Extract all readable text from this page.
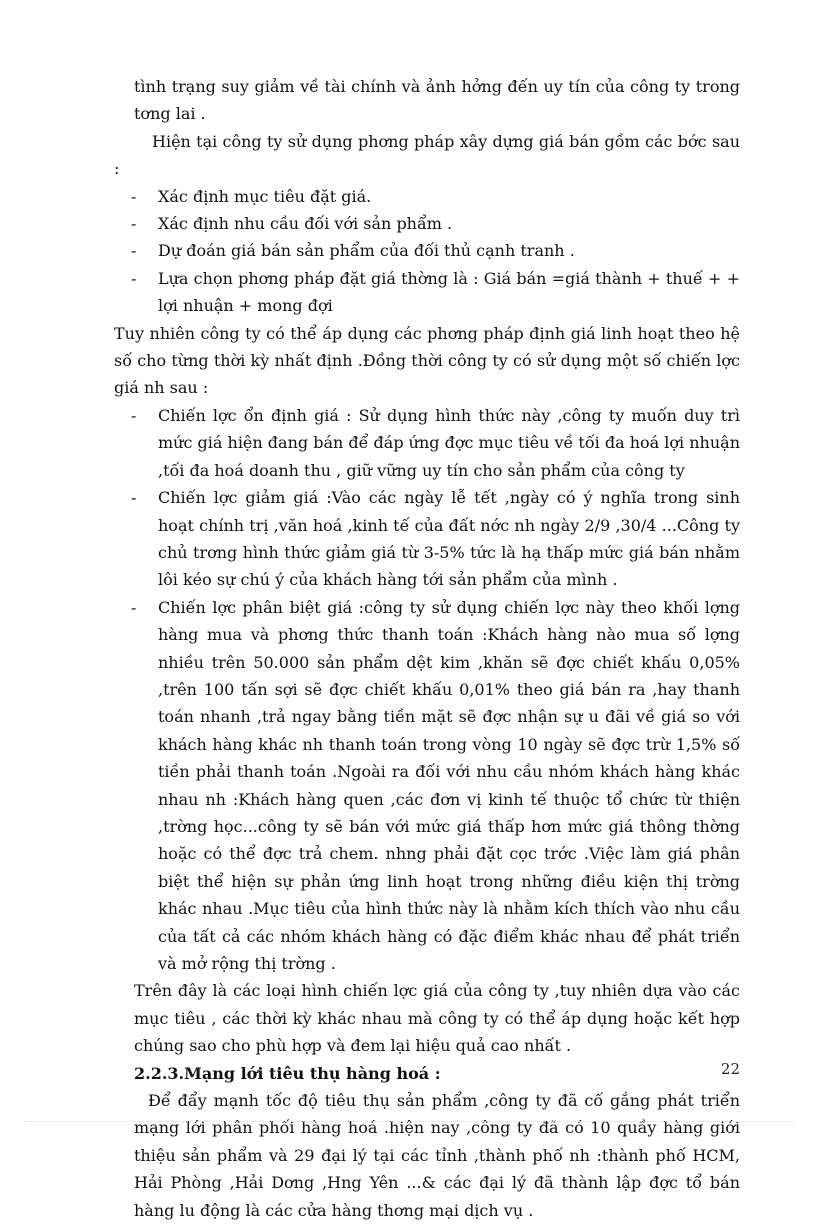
tình trạng suy giảm về tài chính và ảnh hởng đến uy tín của công ty trong tơng lai .

Hiện tại công ty sử dụng phơng pháp xây dựng giá bán gồm các bớc sau :

- Xác định mục tiêu đặt giá.
- Xác định nhu cầu đối với sản phẩm .
- Dự đoán giá bán sản phẩm của đối thủ cạnh tranh .
- Lựa chọn phơng pháp đặt giá thờng là : Giá bán =giá thành + thuế + + lợi nhuận + mong đợi

Tuy nhiên công ty có thể áp dụng các phơng pháp định giá linh hoạt theo hệ số cho từng thời kỳ nhất định .Đồng thời công ty có sử dụng một số chiến lợc giá nh sau :

- Chiến lợc ổn định giá : Sử dụng hình thức này ,công ty muốn duy trì mức giá hiện đang bán để đáp ứng đợc mục tiêu về tối đa hoá lợi nhuận ,tối đa hoá doanh thu , giữ vững uy tín cho sản phẩm của công ty
- Chiến lợc giảm giá :Vào các ngày lễ tết ,ngày có ý nghĩa trong sinh hoạt chính trị ,văn hoá ,kinh tế của đất nớc nh ngày 2/9 ,30/4 ...Công ty chủ trơng hình thức giảm giá từ 3-5% tức là hạ thấp mức giá bán nhằm lôi kéo sự chú ý của khách hàng tới sản phẩm của mình .
- Chiến lợc phân biệt giá :công ty sử dụng chiến lợc này theo khối lợng hàng mua và phơng thức thanh toán :Khách hàng nào mua số lợng nhiều trên 50.000 sản phẩm dệt kim ,khăn sẽ đợc chiết khấu 0,05% ,trên 100 tấn sợi sẽ đợc chiết khấu 0,01% theo giá bán ra ,hay thanh toán nhanh ,trả ngay bằng tiền mặt sẽ đợc nhận sự u đãi về giá so với khách hàng khác nh thanh toán trong vòng 10 ngày sẽ đợc trừ 1,5% số tiền phải thanh toán .Ngoài ra đối với nhu cầu nhóm khách hàng khác nhau nh :Khách hàng quen ,các đơn vị kinh tế thuộc tổ chức từ thiện ,trờng học...công ty sẽ bán với mức giá thấp hơn mức giá thông thờng hoặc có thể đợc trả chem. nhng phải đặt cọc trớc .Việc làm giá phân biệt thể hiện sự phản ứng linh hoạt trong những điều kiện thị trờng khác nhau .Mục tiêu của hình thức này là nhằm kích thích vào nhu cầu của tất cả các nhóm khách hàng có đặc điểm khác nhau để phát triển và mở rộng thị trờng .

Trên đây là các loại hình chiến lợc giá của công ty ,tuy nhiên dựa vào các mục tiêu , các thời kỳ khác nhau mà công ty có thể áp dụng hoặc kết hợp chúng sao cho phù hợp và đem lại hiệu quả cao nhất .

2.2.3.Mạng lới tiêu thụ hàng hoá :

Để đẩy mạnh tốc độ tiêu thụ sản phẩm ,công ty đã cố gắng phát triển mạng lới phân phối hàng hoá .hiện nay ,công ty đã có 10 quầy hàng giới thiệu sản phẩm và 29 đại lý tại các tỉnh ,thành phố nh :thành phố HCM, Hải Phòng ,Hải Dơng ,Hng Yên ...& các đại lý đã thành lập đợc tổ bán hàng lu động là các cửa hàng thơng mại dịch vụ .

22
